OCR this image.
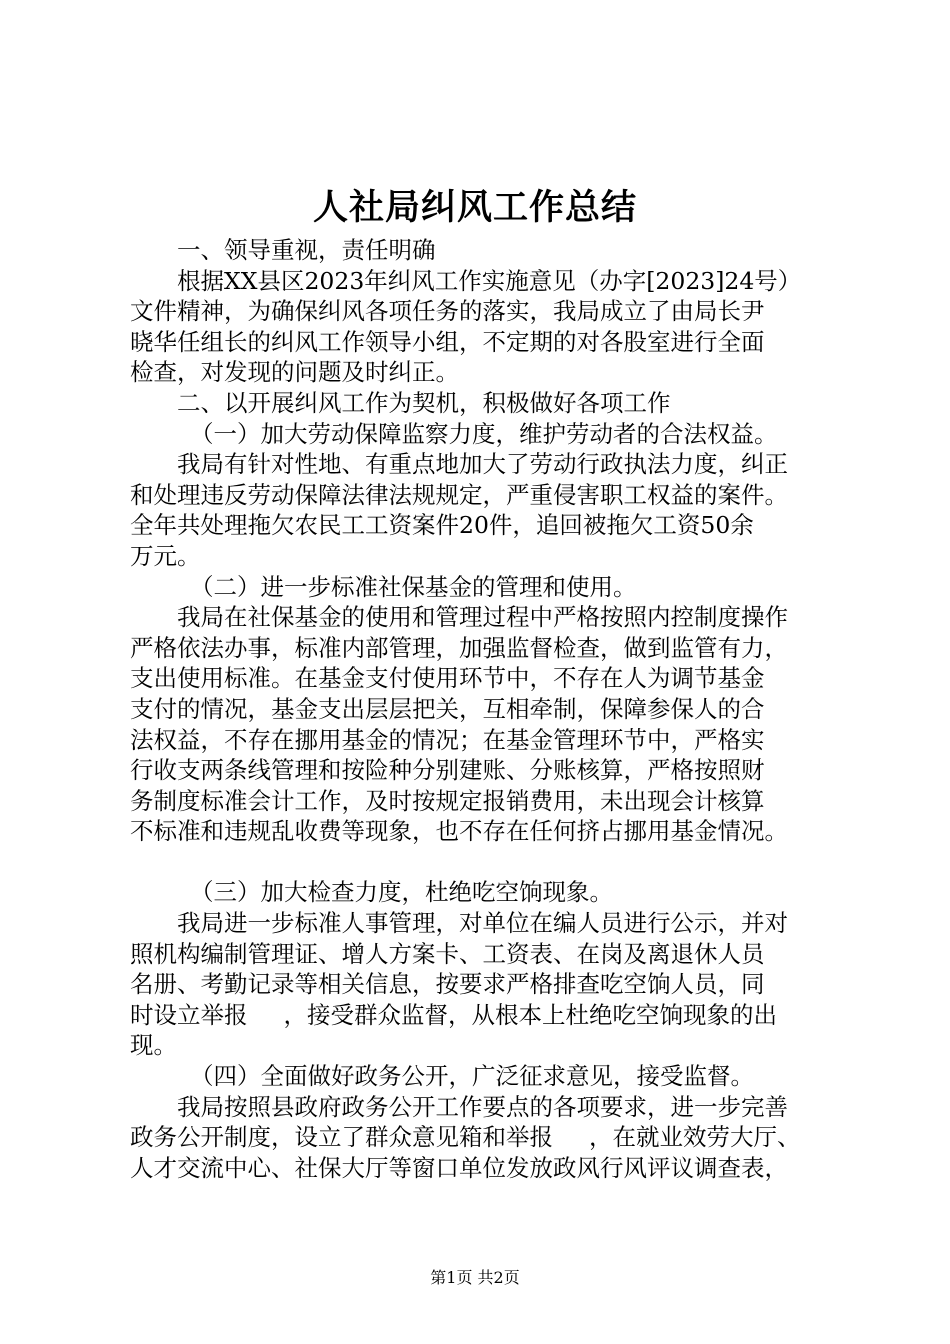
人社局纠风工作总结
一、领导重视，责任明确
根据XX县区2023年纠风工作实施意见（办字[2023]24号）
文件精神，为确保纠风各项任务的落实，我局成立了由局长尹
晓华任组长的纠风工作领导小组，不定期的对各股室进行全面
检查，对发现的问题及时纠正。
二、以开展纠风工作为契机，积极做好各项工作
（一）加大劳动保障监察力度，维护劳动者的合法权益。
我局有针对性地、有重点地加大了劳动行政执法力度，纠正
和处理违反劳动保障法律法规规定，严重侵害职工权益的案件。
全年共处理拖欠农民工工资案件20件，追回被拖欠工资50余
万元。
（二）进一步标准社保基金的管理和使用。
我局在社保基金的使用和管理过程中严格按照内控制度操作
严格依法办事，标准内部管理，加强监督检查，做到监管有力，
支出使用标准。在基金支付使用环节中，不存在人为调节基金
支付的情况，基金支出层层把关，互相牵制，保障参保人的合
法权益，不存在挪用基金的情况；在基金管理环节中，严格实
行收支两条线管理和按险种分别建账、分账核算，严格按照财
务制度标准会计工作，及时按规定报销费用，未出现会计核算
不标准和违规乱收费等现象，也不存在任何挤占挪用基金情况。
（三）加大检查力度，杜绝吃空饷现象。
我局进一步标准人事管理，对单位在编人员进行公示，并对
照机构编制管理证、增人方案卡、工资表、在岗及离退休人员
名册、考勤记录等相关信息，按要求严格排查吃空饷人员，同
时设立举报 ，接受群众监督，从根本上杜绝吃空饷现象的出
现。
（四）全面做好政务公开，广泛征求意见，接受监督。
我局按照县政府政务公开工作要点的各项要求，进一步完善
政务公开制度，设立了群众意见箱和举报 ，在就业效劳大厅、
人才交流中心、社保大厅等窗口单位发放政风行风评议调查表，
第1页 共2页
